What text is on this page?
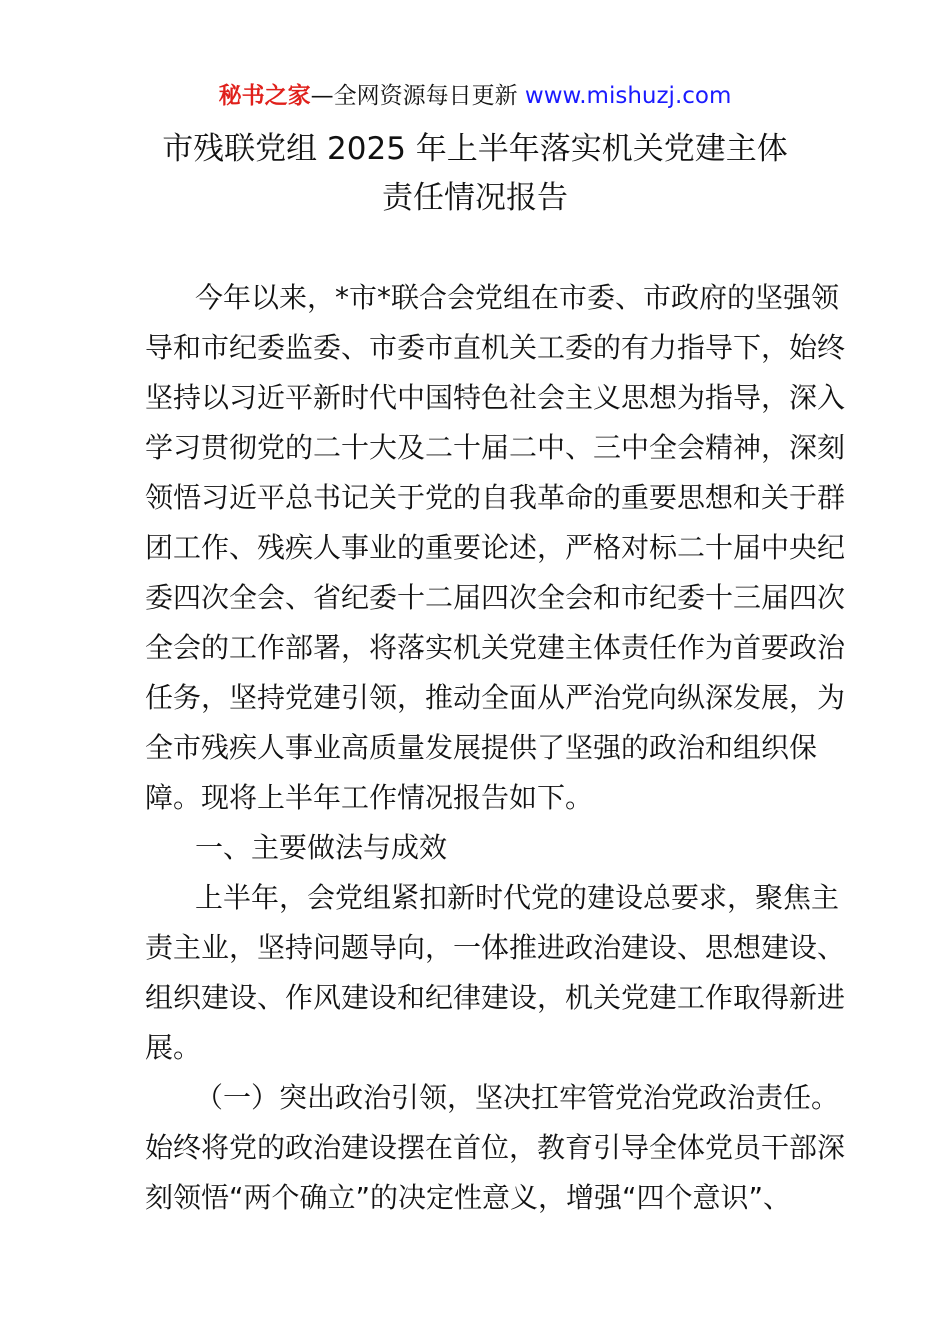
秘书之家—全网资源每日更新 www.mishuzj.com
市残联党组 2025 年上半年落实机关党建主体
责任情况报告
今年以来，*市*联合会党组在市委、市政府的坚强领
导和市纪委监委、市委市直机关工委的有力指导下，始终
坚持以习近平新时代中国特色社会主义思想为指导，深入
学习贯彻党的二十大及二十届二中、三中全会精神，深刻
领悟习近平总书记关于党的自我革命的重要思想和关于群
团工作、残疾人事业的重要论述，严格对标二十届中央纪
委四次全会、省纪委十二届四次全会和市纪委十三届四次
全会的工作部署，将落实机关党建主体责任作为首要政治
任务，坚持党建引领，推动全面从严治党向纵深发展，为
全市残疾人事业高质量发展提供了坚强的政治和组织保
障。现将上半年工作情况报告如下。
一、主要做法与成效
上半年，会党组紧扣新时代党的建设总要求，聚焦主
责主业，坚持问题导向，一体推进政治建设、思想建设、
组织建设、作风建设和纪律建设，机关党建工作取得新进
展。
（一）突出政治引领，坚决扛牢管党治党政治责任。
始终将党的政治建设摆在首位，教育引导全体党员干部深
刻领悟“两个确立”的决定性意义，增强“四个意识”、
